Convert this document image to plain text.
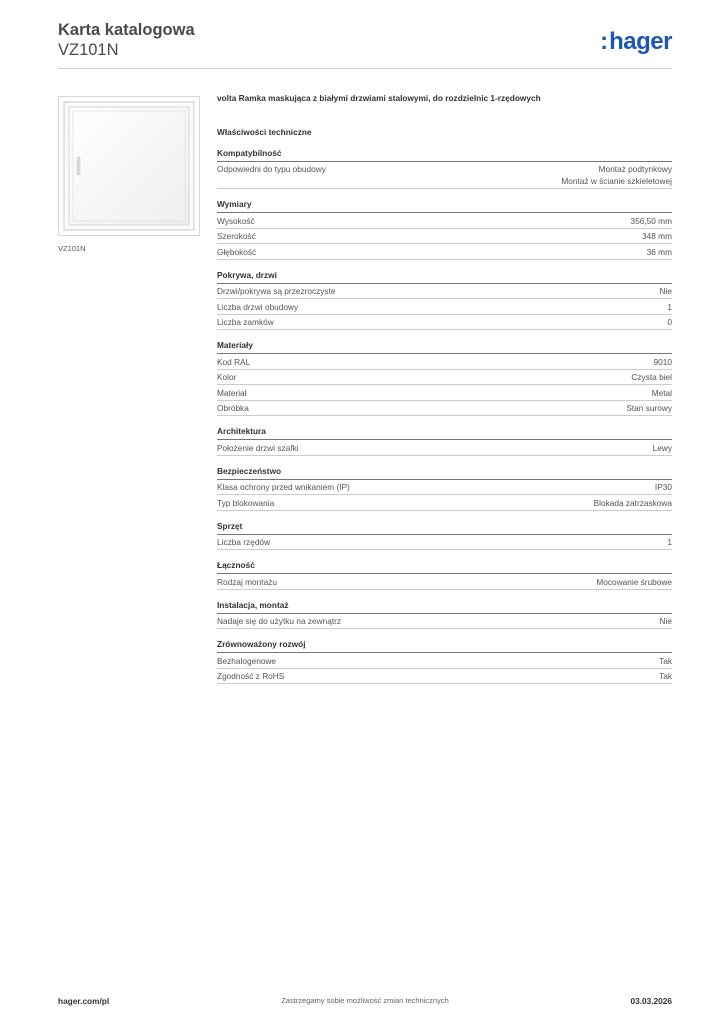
Karta katalogowa

VZ101N	:hager
VZ101N

volta Ramka maskująca z białymi drzwiami stalowymi, do rozdzielnic 1-rzędowych

Właściwości techniczne

Kompatybilność
Odpowiedni do typu obudowy	Montaż podtynkowy
Montaż w ścianie szkieletowej
Wymiary
Wysokość	356,50 mm
Szerokość	348 mm
Głębokość	36 mm
Pokrywa, drzwi
Drzwi/pokrywa są przezroczyste	Nie
Liczba drzwi obudowy	1
Liczba zamków	0
Materiały
Kod RAL	9010
Kolor	Czysta biel
Materiał	Metal
Obróbka	Stan surowy
Architektura
Położenie drzwi szafki	Lewy
Bezpieczeństwo
Klasa ochrony przed wnikaniem (IP)	IP30
Typ blokowania	Blokada zatrzaskowa
Sprzęt
Liczba rzędów	1
Łączność
Rodzaj montażu	Mocowanie śrubowe
Instalacja, montaż
Nadaje się do użytku na zewnątrz	Nie
Zrównoważony rozwój
Bezhalogenowe	Tak
Zgodność z RoHS	Tak
hager.com/pl	Zastrzegamy sobie możliwość zmian technicznych	03.03.2026
